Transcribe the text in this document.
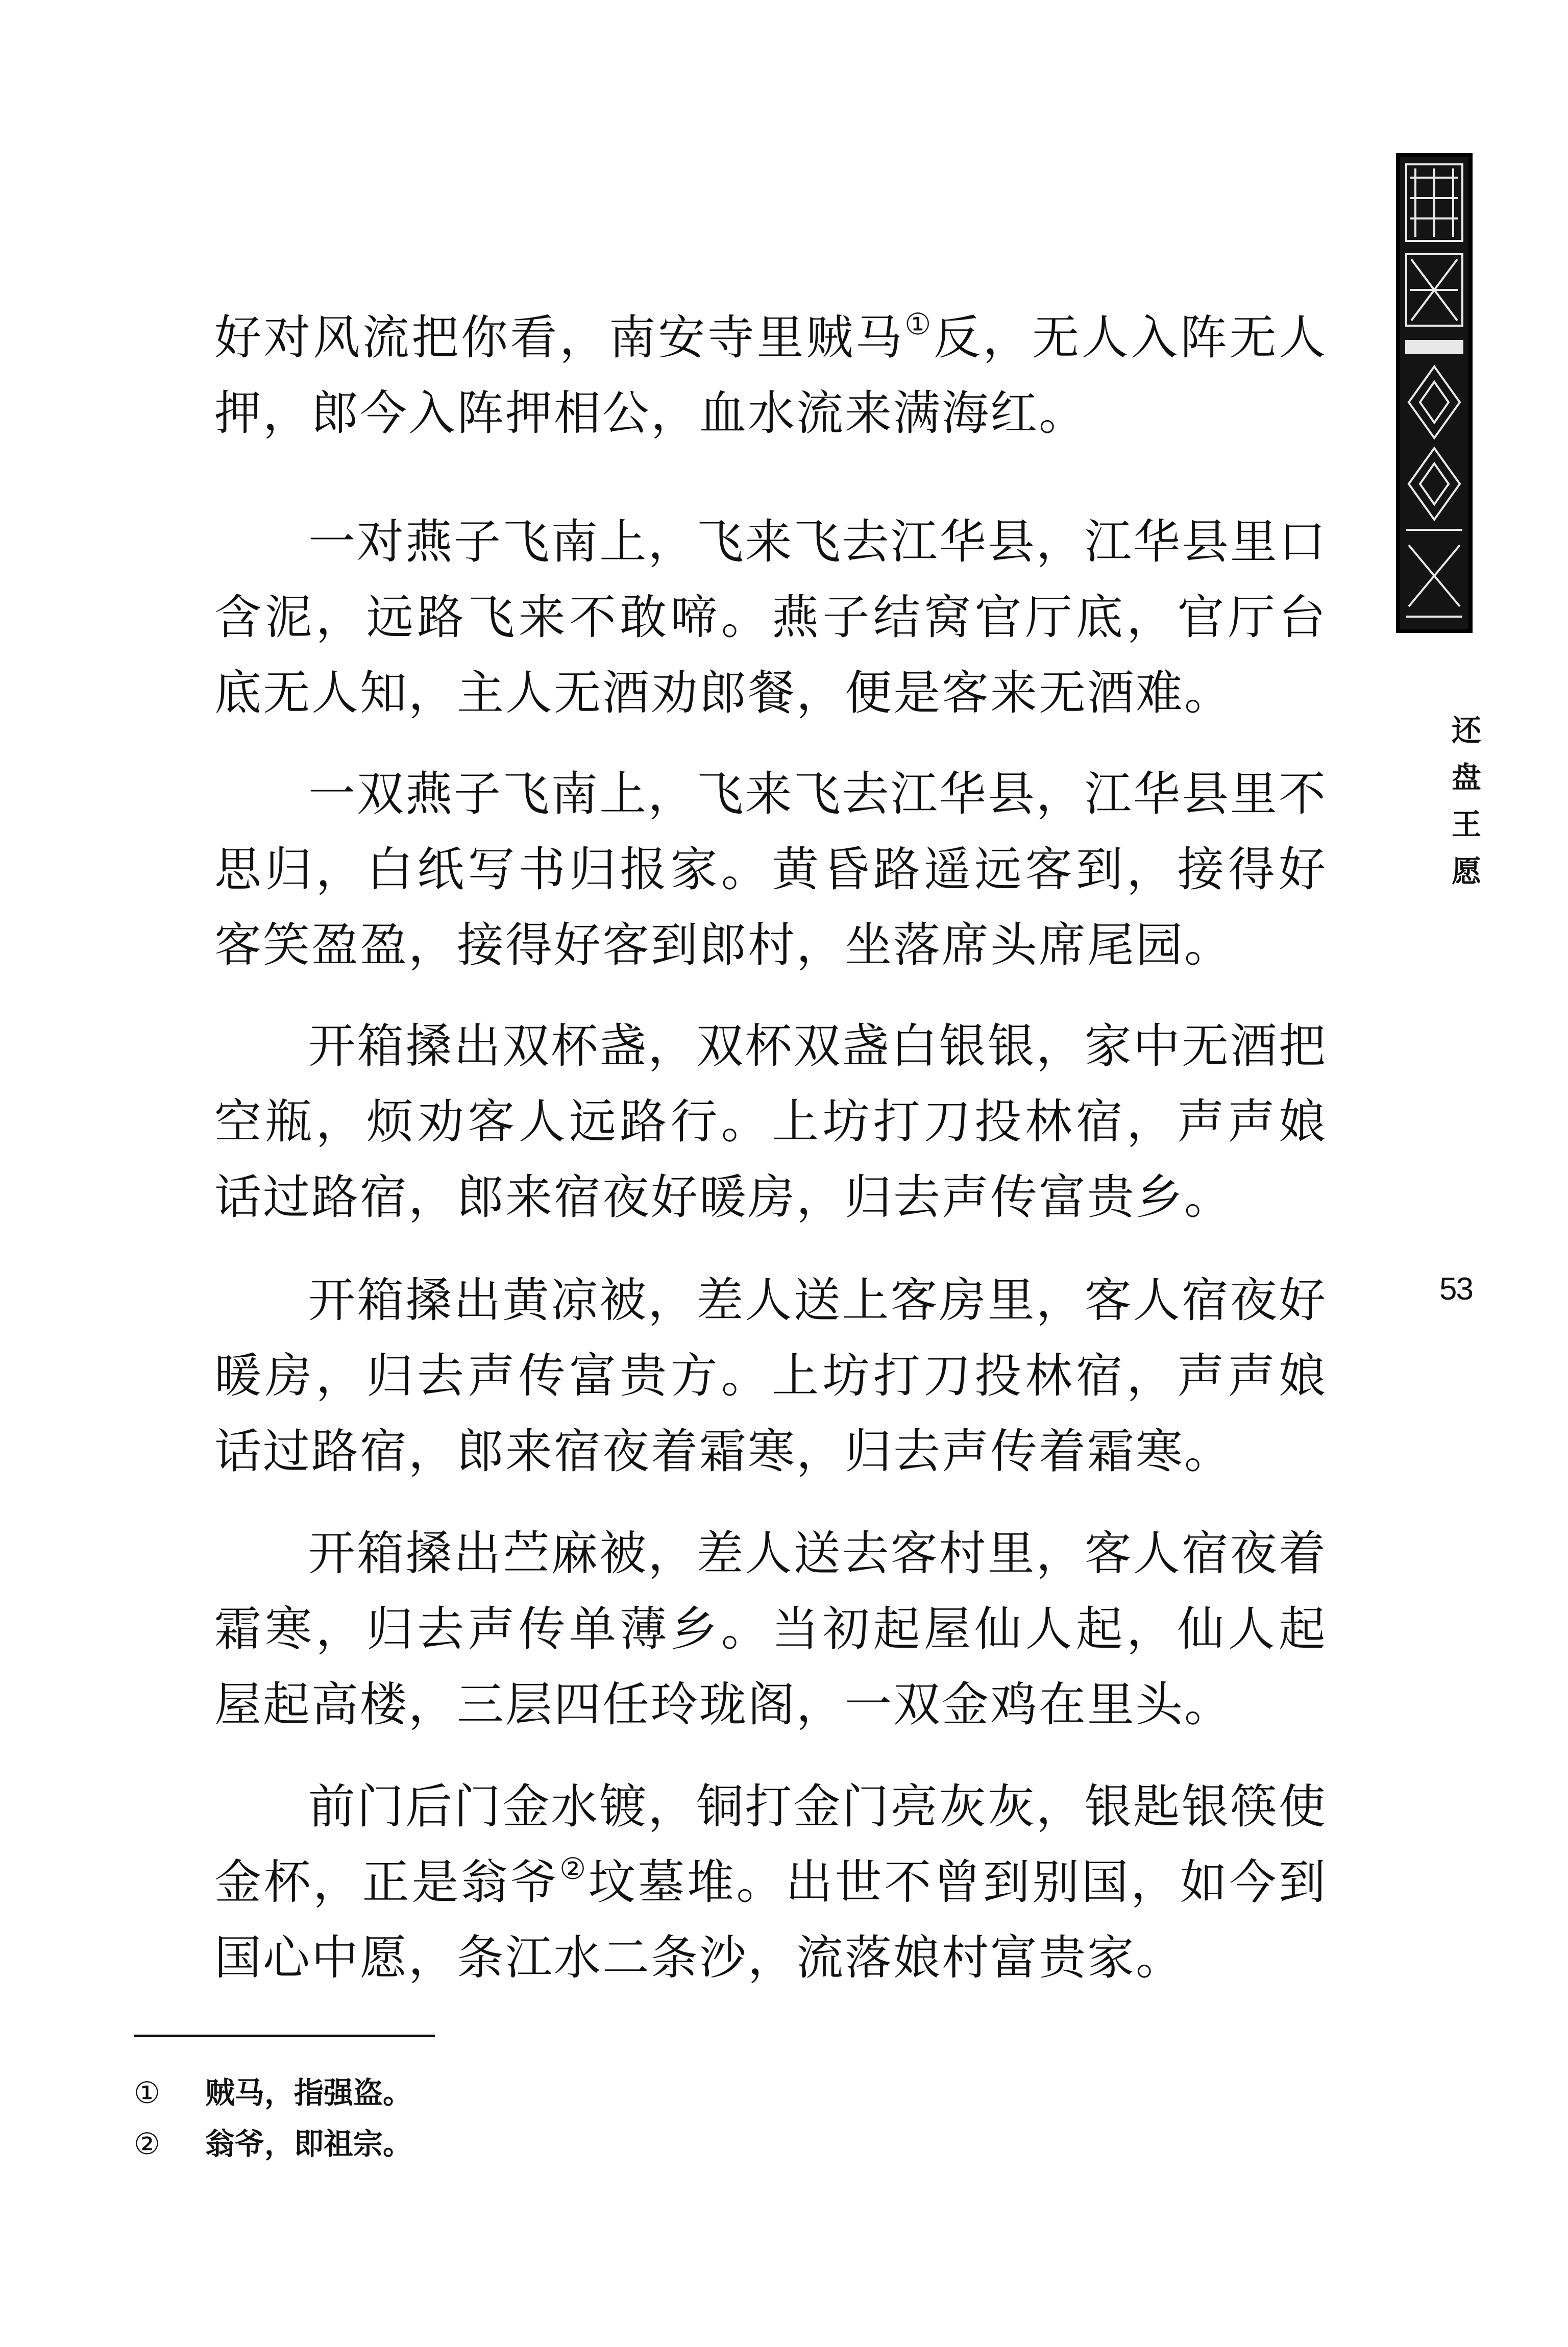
还
盘
王
愿
53

好对风流把你看，南安寺里贼马①反，无人入阵无人押，郎今入阵押相公，血水流来满海红。

一对燕子飞南上，飞来飞去江华县，江华县里口含泥，远路飞来不敢啼。燕子结窝官厅底，官厅台底无人知，主人无酒劝郎餐，便是客来无酒难。

一双燕子飞南上，飞来飞去江华县，江华县里不思归，白纸写书归报家。黄昏路遥远客到，接得好客笑盈盈，接得好客到郎村，坐落席头席尾园。

开箱搡出双杯盏，双杯双盏白银银，家中无酒把空瓶，烦劝客人远路行。上坊打刀投林宿，声声娘话过路宿，郎来宿夜好暖房，归去声传富贵乡。

开箱搡出黄凉被，差人送上客房里，客人宿夜好暖房，归去声传富贵方。上坊打刀投林宿，声声娘话过路宿，郎来宿夜着霜寒，归去声传着霜寒。

开箱搡出苎麻被，差人送去客村里，客人宿夜着霜寒，归去声传单薄乡。当初起屋仙人起，仙人起屋起高楼，三层四任玲珑阁，一双金鸡在里头。

前门后门金水镀，铜打金门亮灰灰，银匙银筷使金杯，正是翁爷②坟墓堆。出世不曾到别国，如今到国心中愿，条江水二条沙，流落娘村富贵家。

① 贼马，指强盗。
② 翁爷，即祖宗。
